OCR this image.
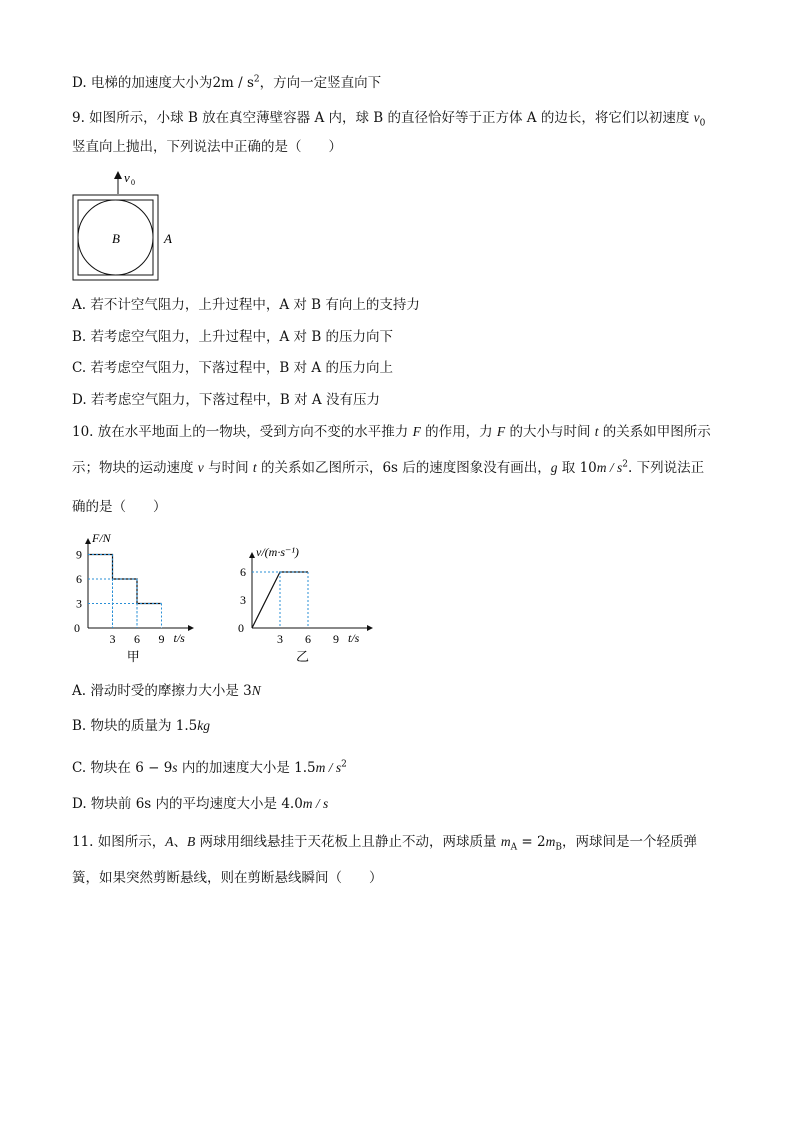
D. 电梯的加速度大小为$2m / s^2$，方向一定竖直向下
9. 如图所示，小球 B 放在真空薄壁容器 A 内，球 B 的直径恰好等于正方体 A 的边长，将它们以初速度 $v_0$
竖直向上抛出，下列说法中正确的是（　　）
v 0
B	A
A. 若不计空气阻力，上升过程中，A 对 B 有向上的支持力
B. 若考虑空气阻力，上升过程中，A 对 B 的压力向下
C. 若考虑空气阻力，下落过程中，B 对 A 的压力向上
D. 若考虑空气阻力，下落过程中，B 对 A 没有压力
10. 放在水平地面上的一物块，受到方向不变的水平推力 F 的作用，力 F 的大小与时间 t 的关系如甲图所示
示；物块的运动速度 v 与时间 t 的关系如乙图所示，6s 后的速度图象没有画出，g 取 $10m / s^2$. 下列说法正
确的是（　　）
0
3 6 9
3
6
9
t/s
F/N
甲
0
3 6 9
3
6
t/s
v/(m·s⁻¹)
乙
A. 滑动时受的摩擦力大小是 3N
B. 物块的质量为 1.5kg
C. 物块在 6 − 9s 内的加速度大小是 $1.5m / s^2$
D. 物块前 6s 内的平均速度大小是 4.0m / s
11. 如图所示，A、B 两球用细线悬挂于天花板上且静止不动，两球质量 $m_A = 2m_B$，两球间是一个轻质弹
簧，如果突然剪断悬线，则在剪断悬线瞬间（　　）
